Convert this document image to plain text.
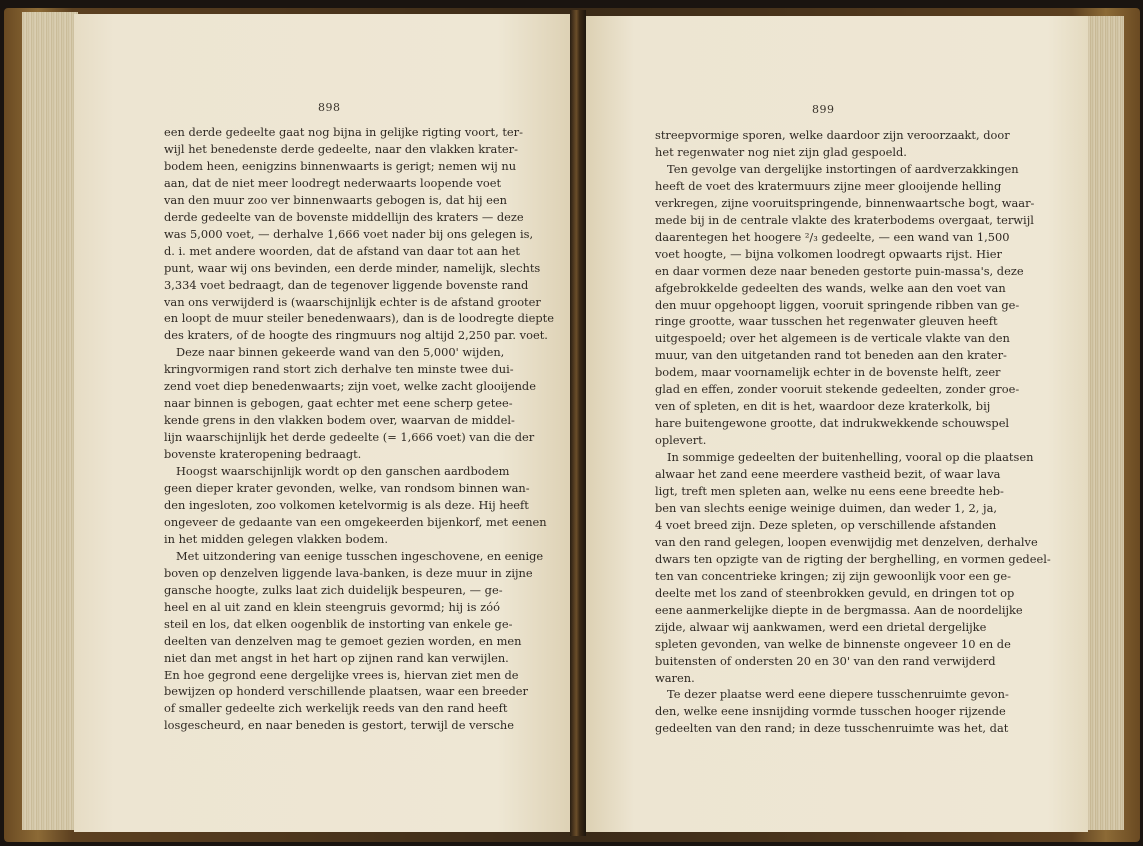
898	899
een derde gedeelte gaat nog bijna in gelijke rigting voort, ter-
wijl het benedenste derde gedeelte, naar den vlakken krater-
bodem heen, eenigzins binnenwaarts is gerigt; nemen wij nu
aan, dat de niet meer loodregt nederwaarts loopende voet
van den muur zoo ver binnenwaarts gebogen is, dat hij een
derde gedeelte van de bovenste middellijn des kraters — deze
was 5,000 voet, — derhalve 1,666 voet nader bij ons gelegen is,
d. i. met andere woorden, dat de afstand van daar tot aan het
punt, waar wij ons bevinden, een derde minder, namelijk, slechts
3,334 voet bedraagt, dan de tegenover liggende bovenste rand
van ons verwijderd is (waarschijnlijk echter is de afstand grooter
en loopt de muur steiler benedenwaars), dan is de loodregte diepte
des kraters, of de hoogte des ringmuurs nog altijd 2,250 par. voet.
Deze naar binnen gekeerde wand van den 5,000' wijden,
kringvormigen rand stort zich derhalve ten minste twee dui-
zend voet diep benedenwaarts; zijn voet, welke zacht glooijende
naar binnen is gebogen, gaat echter met eene scherp getee-
kende grens in den vlakken bodem over, waarvan de middel-
lijn waarschijnlijk het derde gedeelte (= 1,666 voet) van die der
bovenste krateropening bedraagt.
Hoogst waarschijnlijk wordt op den ganschen aardbodem
geen dieper krater gevonden, welke, van rondsom binnen wan-
den ingesloten, zoo volkomen ketelvormig is als deze. Hij heeft
ongeveer de gedaante van een omgekeerden bijenkorf, met eenen
in het midden gelegen vlakken bodem.
Met uitzondering van eenige tusschen ingeschovene, en eenige
boven op denzelven liggende lava-banken, is deze muur in zijne
gansche hoogte, zulks laat zich duidelijk bespeuren, — ge-
heel en al uit zand en klein steengruis gevormd; hij is zóó
steil en los, dat elken oogenblik de instorting van enkele ge-
deelten van denzelven mag te gemoet gezien worden, en men
niet dan met angst in het hart op zijnen rand kan verwijlen.
En hoe gegrond eene dergelijke vrees is, hiervan ziet men de
bewijzen op honderd verschillende plaatsen, waar een breeder
of smaller gedeelte zich werkelijk reeds van den rand heeft
losgescheurd, en naar beneden is gestort, terwijl de versche
streepvormige sporen, welke daardoor zijn veroorzaakt, door
het regenwater nog niet zijn glad gespoeld.
Ten gevolge van dergelijke instortingen of aardverzakkingen
heeft de voet des kratermuurs zijne meer glooijende helling
verkregen, zijne vooruitspringende, binnenwaartsche bogt, waar-
mede bij in de centrale vlakte des kraterbodems overgaat, terwijl
daarentegen het hoogere ²/₃ gedeelte, — een wand van 1,500
voet hoogte, — bijna volkomen loodregt opwaarts rijst. Hier
en daar vormen deze naar beneden gestorte puin-massa's, deze
afgebrokkelde gedeelten des wands, welke aan den voet van
den muur opgehoopt liggen, vooruit springende ribben van ge-
ringe grootte, waar tusschen het regenwater gleuven heeft
uitgespoeld; over het algemeen is de verticale vlakte van den
muur, van den uitgetanden rand tot beneden aan den krater-
bodem, maar voornamelijk echter in de bovenste helft, zeer
glad en effen, zonder vooruit stekende gedeelten, zonder groe-
ven of spleten, en dit is het, waardoor deze kraterkolk, bij
hare buitengewone grootte, dat indrukwekkende schouwspel
oplevert.
In sommige gedeelten der buitenhelling, vooral op die plaatsen
alwaar het zand eene meerdere vastheid bezit, of waar lava
ligt, treft men spleten aan, welke nu eens eene breedte heb-
ben van slechts eenige weinige duimen, dan weder 1, 2, ja,
4 voet breed zijn. Deze spleten, op verschillende afstanden
van den rand gelegen, loopen evenwijdig met denzelven, derhalve
dwars ten opzigte van de rigting der berghelling, en vormen gedeel-
ten van concentrieke kringen; zij zijn gewoonlijk voor een ge-
deelte met los zand of steenbrokken gevuld, en dringen tot op
eene aanmerkelijke diepte in de bergmassa. Aan de noordelijke
zijde, alwaar wij aankwamen, werd een drietal dergelijke
spleten gevonden, van welke de binnenste ongeveer 10 en de
buitensten of ondersten 20 en 30' van den rand verwijderd
waren.
Te dezer plaatse werd eene diepere tusschenruimte gevon-
den, welke eene insnijding vormde tusschen hooger rijzende
gedeelten van den rand; in deze tusschenruimte was het, dat
